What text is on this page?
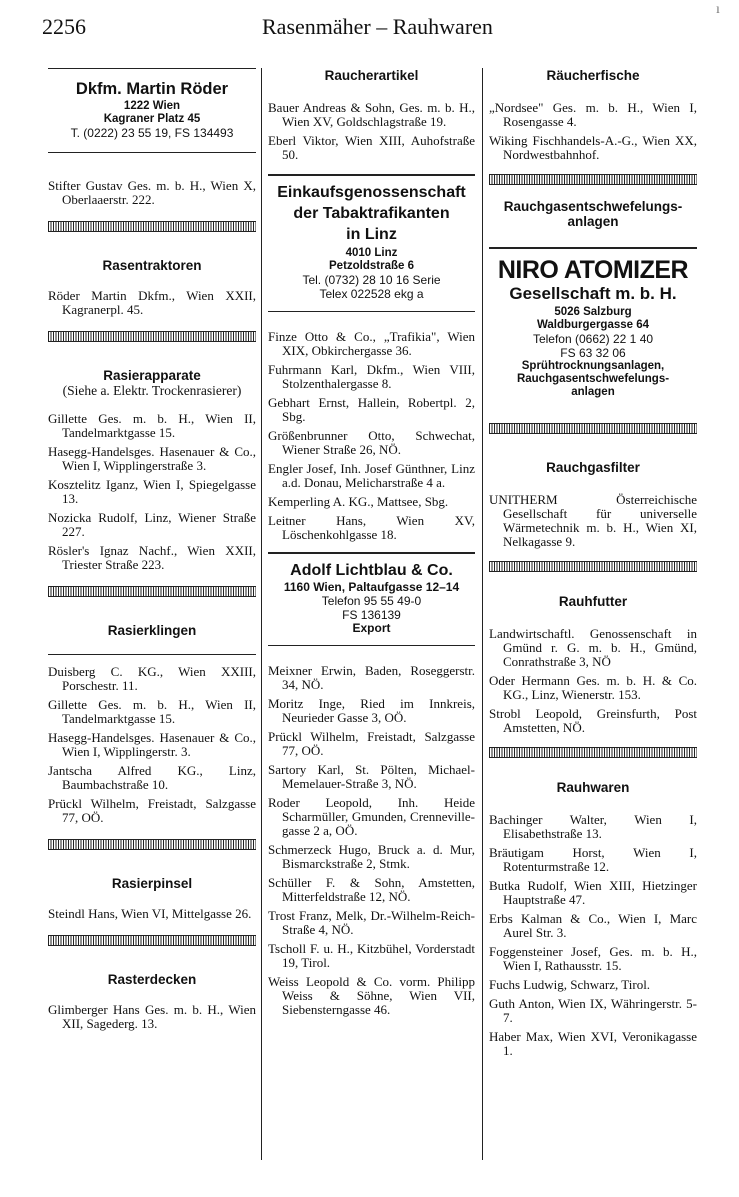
2256	Rasenmäher – Rauhwaren
ı
Dkfm. Martin Röder
1222 Wien
Kagraner Platz 45
T. (0222) 23 55 19, FS 134493

Stifter Gustav Ges. m. b. H., Wien X, Oberlaaerstr. 222.

Rasentraktoren

Röder Martin Dkfm., Wien XXII, Kagranerpl. 45.

Rasierapparate

(Siehe a. Elektr. Trockenrasierer)

Gillette Ges. m. b. H., Wien II, Tandelmarktgasse 15.

Hasegg-Handelsges. Hasenauer & Co., Wien I, Wipplingerstraße 3.

Kosztelitz Iganz, Wien I, Spiegelgasse 13.

Nozicka Rudolf, Linz, Wiener Straße 227.

Rösler's Ignaz Nachf., Wien XXII, Triester Straße 223.

Rasierklingen

Duisberg C. KG., Wien XXIII, Porschestr. 11.

Gillette Ges. m. b. H., Wien II, Tandelmarktgasse 15.

Hasegg-Handelsges. Hasenauer & Co., Wien I, Wipplingerstr. 3.

Jantscha Alfred KG., Linz, Baumbachstraße 10.

Prückl Wilhelm, Freistadt, Salzgasse 77, OÖ.

Rasierpinsel

Steindl Hans, Wien VI, Mittelgasse 26.

Rasterdecken

Glimberger Hans Ges. m. b. H., Wien XII, Sagederg. 13.

Raucherartikel

Bauer Andreas & Sohn, Ges. m. b. H., Wien XV, Goldschlagstraße 19.

Eberl Viktor, Wien XIII, Auhofstraße 50.

Einkaufsgenossenschaft
der Tabaktrafikanten
in Linz
4010 Linz
Petzoldstraße 6
Tel. (0732) 28 10 16 Serie
Telex 022528 ekg a

Finze Otto & Co., „Trafikia", Wien XIX, Obkirchergasse 36.

Fuhrmann Karl, Dkfm., Wien VIII, Stolzenthalergasse 8.

Gebhart Ernst, Hallein, Robertpl. 2, Sbg.

Größenbrunner Otto, Schwechat, Wiener Straße 26, NÖ.

Engler Josef, Inh. Josef Günthner, Linz a.d. Donau, Melicharstraße 4 a.

Kemperling A. KG., Mattsee, Sbg.

Leitner Hans, Wien XV, Löschenkohlgasse 18.

Adolf Lichtblau & Co.
1160 Wien, Paltaufgasse 12–14
Telefon 95 55 49-0
FS 136139
Export

Meixner Erwin, Baden, Roseggerstr. 34, NÖ.

Moritz Inge, Ried im Innkreis, Neurieder Gasse 3, OÖ.

Prückl Wilhelm, Freistadt, Salzgasse 77, OÖ.

Sartory Karl, St. Pölten, Michael-Memelauer-Straße 3, NÖ.

Roder Leopold, Inh. Heide Scharmüller, Gmunden, Crenneville-gasse 2 a, OÖ.

Schmerzeck Hugo, Bruck a. d. Mur, Bismarckstraße 2, Stmk.

Schüller F. & Sohn, Amstetten, Mitterfeldstraße 12, NÖ.

Trost Franz, Melk, Dr.-Wilhelm-Reich-Straße 4, NÖ.

Tscholl F. u. H., Kitzbühel, Vorderstadt 19, Tirol.

Weiss Leopold & Co. vorm. Philipp Weiss & Söhne, Wien VII, Siebensterngasse 46.

Räucherfische

„Nordsee" Ges. m. b. H., Wien I, Rosengasse 4.

Wiking Fischhandels-A.-G., Wien XX, Nordwestbahnhof.

Rauchgasentschwefelungs-

anlagen

NIRO ATOMIZER
Gesellschaft m. b. H.
5026 Salzburg
Waldburgergasse 64
Telefon (0662) 22 1 40
FS 63 32 06
Sprühtrocknungsanlagen,
Rauchgasentschwefelungs-
anlagen

Rauchgasfilter

UNITHERM Österreichische Gesellschaft für universelle Wärmetechnik m. b. H., Wien XI, Nelkagasse 9.

Rauhfutter

Landwirtschaftl. Genossenschaft in Gmünd r. G. m. b. H., Gmünd, Conrathstraße 3, NÖ

Oder Hermann Ges. m. b. H. & Co. KG., Linz, Wienerstr. 153.

Strobl Leopold, Greinsfurth, Post Amstetten, NÖ.

Rauhwaren

Bachinger Walter, Wien I, Elisabethstraße 13.

Bräutigam Horst, Wien I, Rotenturmstraße 12.

Butka Rudolf, Wien XIII, Hietzinger Hauptstraße 47.

Erbs Kalman & Co., Wien I, Marc Aurel Str. 3.

Foggensteiner Josef, Ges. m. b. H., Wien I, Rathausstr. 15.

Fuchs Ludwig, Schwarz, Tirol.

Guth Anton, Wien IX, Währingerstr. 5-7.

Haber Max, Wien XVI, Veronikagasse 1.
